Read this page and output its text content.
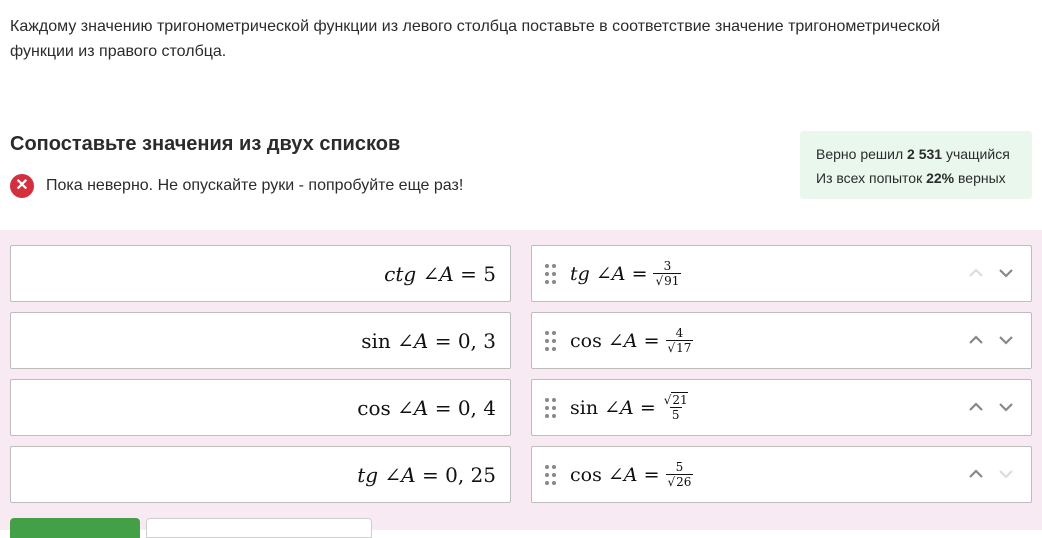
Каждому значению тригонометрической функции из левого столбца поставьте в соответствие значение тригонометрической функции из правого столбца.
Сопоставьте значения из двух списков
✕	Пока неверно. Не опускайте руки - попробуйте еще раз!
Верно решил 2 531 учащийся
Из всех попыток 22% верных
ctg
∠A
=
5
sin
∠A
=
0, 3
cos
∠A
=
0, 4
tg
∠A
=
0, 25
tg
∠A
= $\frac{3}{√91}$
cos
∠A
= $\frac{4}{√17}$
sin
∠A
= $\frac{√21}{5}$
cos
∠A
= $\frac{5}{√26}$
